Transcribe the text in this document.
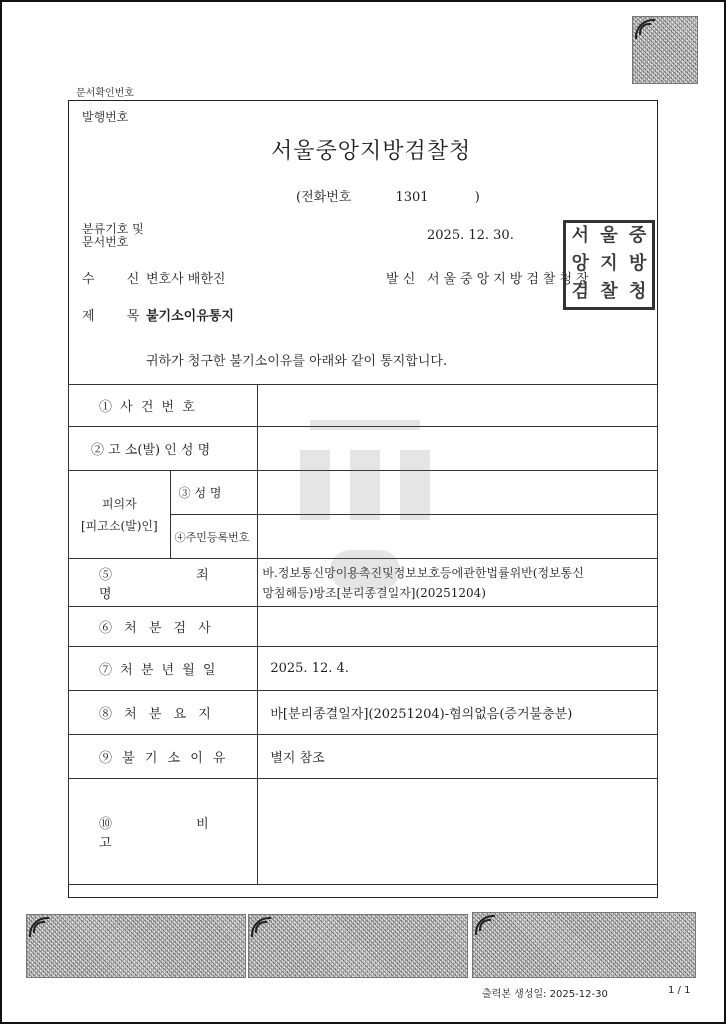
문서확인번호
발행번호
서울중앙지방검찰청
(전화번호	1301	)
분류기호 및
문서번호	2025. 12. 30.
수 신
변호사 배한진	발 신 서울중앙지방검찰청장
서 울 중
앙 지 방
검 찰 청
제 목
불기소이유통지
귀하가 청구한 불기소이유를 아래와 같이 통지합니다.
① 사 건 번 호		
② 고 소(발) 인 성 명		

피의자
[피고소(발)인]	③ 성 명	
	④주민등록번호	
⑤ 죄 명		바.정보통신망이용촉진및정보보호등에관한법률위반(정보통신
망침해등)방조[분리종결일자](20251204)

⑥ 처 분 검 사		
⑦ 처 분 년 월 일		2025. 12. 4.
⑧ 처 분 요 지		바[분리종결일자](20251204)-혐의없음(증거불충분)
⑨ 불 기 소 이 유		별지 참조
⑩ 비 고		
출력본 생성일: 2025-12-30	1 / 1
